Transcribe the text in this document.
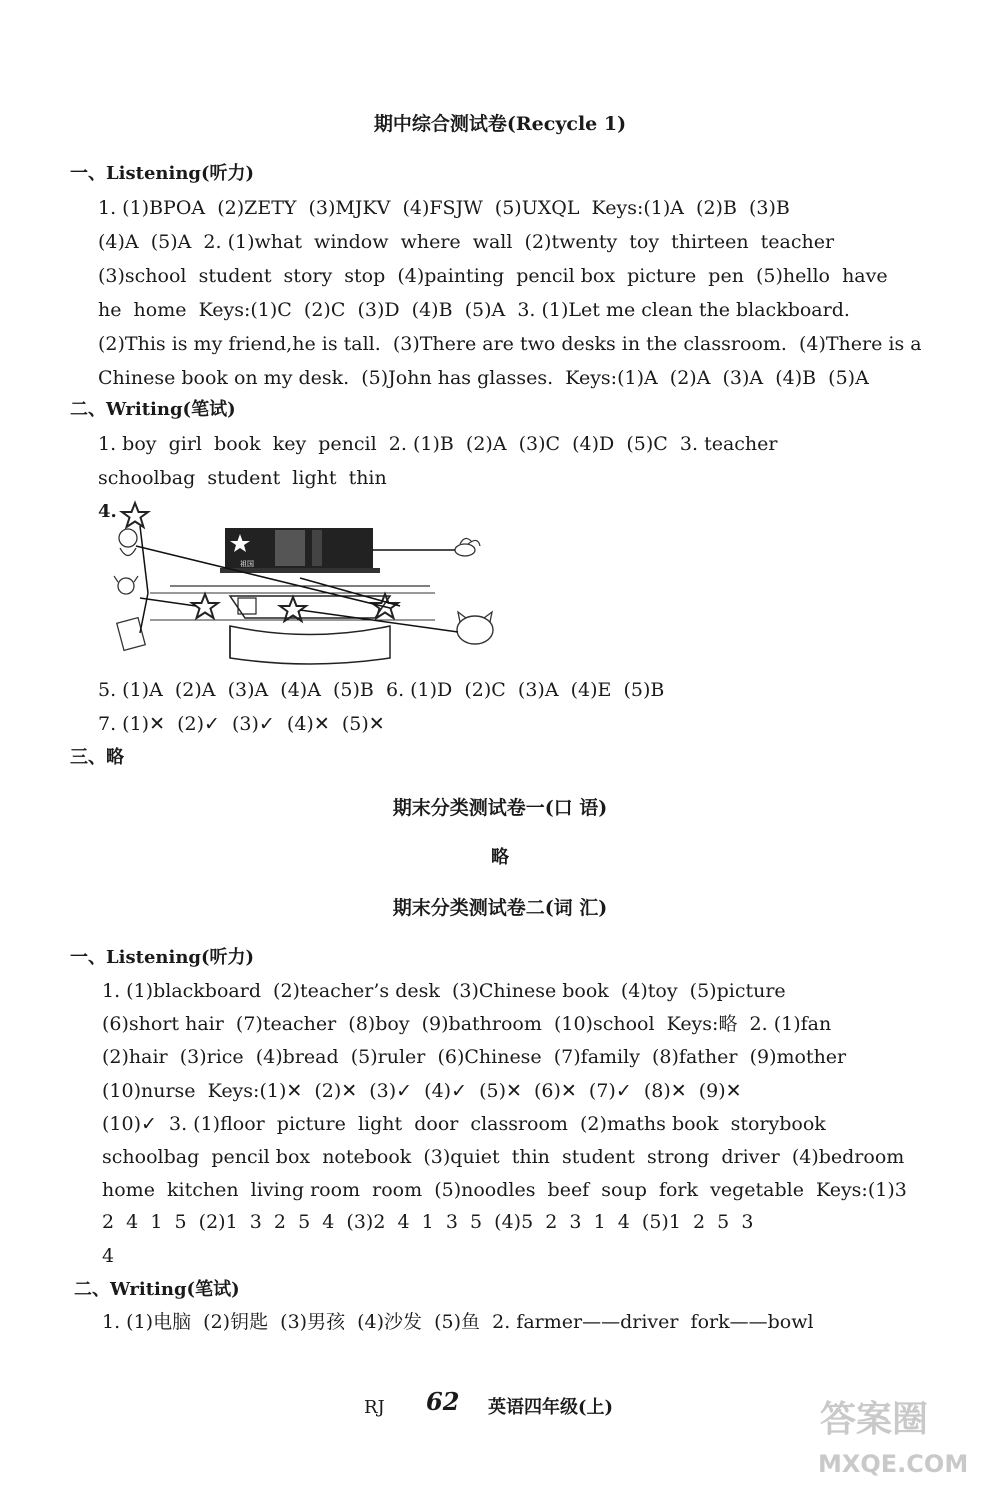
期中综合测试卷(Recycle 1)
一、Listening(听力)
1. (1)BPOA  (2)ZETY  (3)MJKV  (4)FSJW  (5)UXQL  Keys:(1)A  (2)B  (3)B
(4)A  (5)A  2. (1)what  window  where  wall  (2)twenty  toy  thirteen  teacher
(3)school  student  story  stop  (4)painting  pencil box  picture  pen  (5)hello  have
he  home  Keys:(1)C  (2)C  (3)D  (4)B  (5)A  3. (1)Let me clean the blackboard.
(2)This is my friend,he is tall.  (3)There are two desks in the classroom.  (4)There is a
Chinese book on my desk.  (5)John has glasses.  Keys:(1)A  (2)A  (3)A  (4)B  (5)A
二、Writing(笔试)
1. boy  girl  book  key  pencil  2. (1)B  (2)A  (3)C  (4)D  (5)C  3. teacher
schoolbag  student  light  thin
4.
祖国
5. (1)A  (2)A  (3)A  (4)A  (5)B  6. (1)D  (2)C  (3)A  (4)E  (5)B
7. (1)✕  (2)✓  (3)✓  (4)✕  (5)✕
三、略
期末分类测试卷一(口 语)
略
期末分类测试卷二(词 汇)
一、Listening(听力)
1. (1)blackboard  (2)teacher’s desk  (3)Chinese book  (4)toy  (5)picture
(6)short hair  (7)teacher  (8)boy  (9)bathroom  (10)school  Keys:略  2. (1)fan
(2)hair  (3)rice  (4)bread  (5)ruler  (6)Chinese  (7)family  (8)father  (9)mother
(10)nurse  Keys:(1)✕  (2)✕  (3)✓  (4)✓  (5)✕  (6)✕  (7)✓  (8)✕  (9)✕
(10)✓  3. (1)floor  picture  light  door  classroom  (2)maths book  storybook
schoolbag  pencil box  notebook  (3)quiet  thin  student  strong  driver  (4)bedroom
home  kitchen  living room  room  (5)noodles  beef  soup  fork  vegetable  Keys:(1)3
2  4  1  5  (2)1  3  2  5  4  (3)2  4  1  3  5  (4)5  2  3  1  4  (5)1  2  5  3
4
二、Writing(笔试)
1. (1)电脑  (2)钥匙  (3)男孩  (4)沙发  (5)鱼  2. farmer——driver  fork——bowl
RJ 62 英语四年级(上)	答案圈
MXQE.COM
